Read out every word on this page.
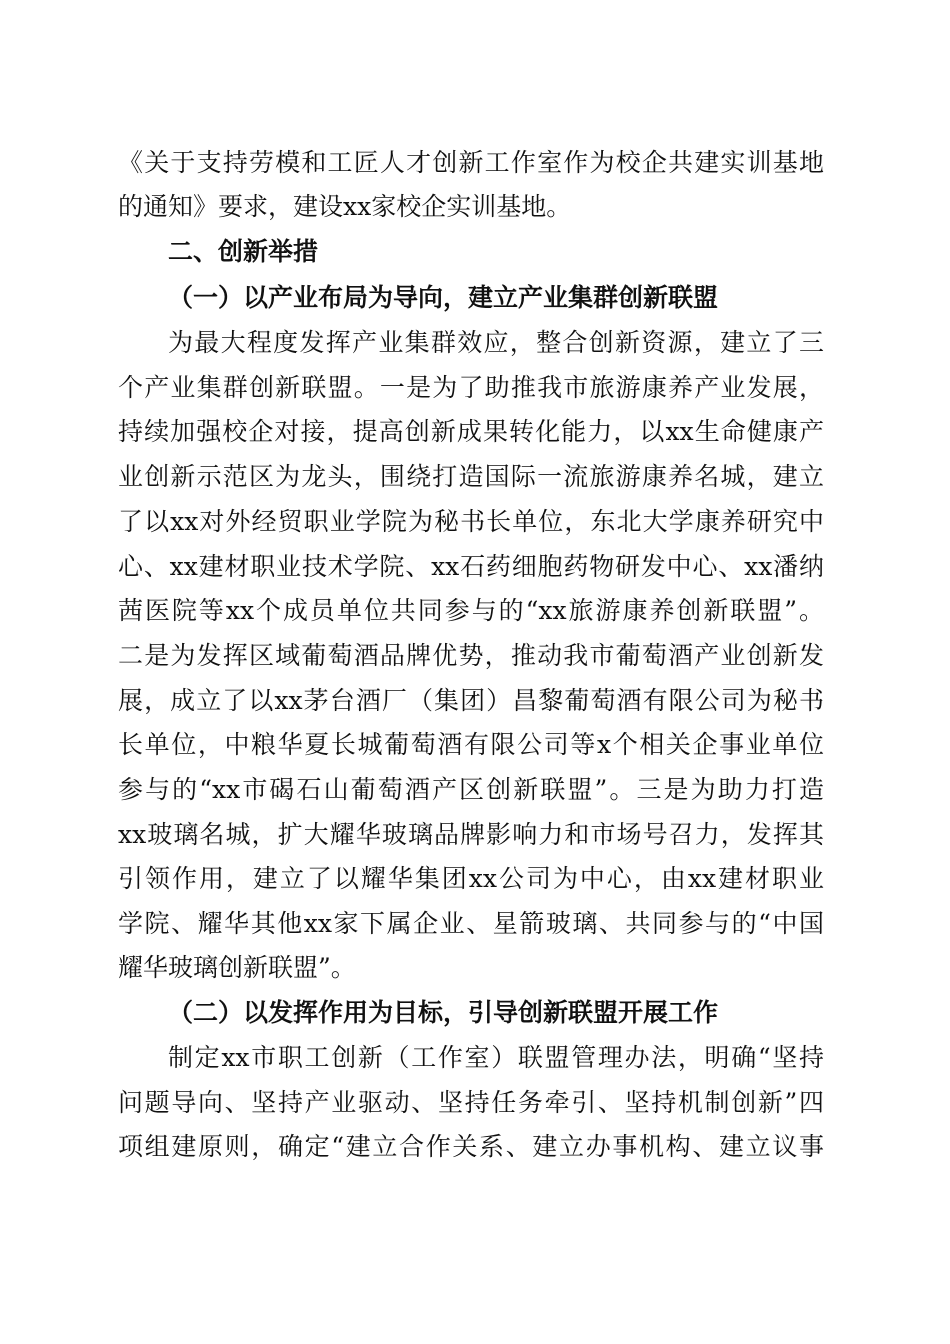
《关于支持劳模和工匠人才创新工作室作为校企共建实训基地
的通知》要求，建设xx家校企实训基地。
二、创新举措
（一）以产业布局为导向，建立产业集群创新联盟
为最大程度发挥产业集群效应，整合创新资源，建立了三
个产业集群创新联盟。一是为了助推我市旅游康养产业发展，
持续加强校企对接，提高创新成果转化能力，以xx生命健康产
业创新示范区为龙头，围绕打造国际一流旅游康养名城，建立
了以xx对外经贸职业学院为秘书长单位，东北大学康养研究中
心、xx建材职业技术学院、xx石药细胞药物研发中心、xx潘纳
茜医院等xx个成员单位共同参与的“xx旅游康养创新联盟”。
二是为发挥区域葡萄酒品牌优势，推动我市葡萄酒产业创新发
展，成立了以xx茅台酒厂（集团）昌黎葡萄酒有限公司为秘书
长单位，中粮华夏长城葡萄酒有限公司等x个相关企事业单位
参与的“xx市碣石山葡萄酒产区创新联盟”。三是为助力打造
xx玻璃名城，扩大耀华玻璃品牌影响力和市场号召力，发挥其
引领作用，建立了以耀华集团xx公司为中心，由xx建材职业
学院、耀华其他xx家下属企业、星箭玻璃、共同参与的“中国
耀华玻璃创新联盟”。
（二）以发挥作用为目标，引导创新联盟开展工作
制定xx市职工创新（工作室）联盟管理办法，明确“坚持
问题导向、坚持产业驱动、坚持任务牵引、坚持机制创新”四
项组建原则，确定“建立合作关系、建立办事机构、建立议事
